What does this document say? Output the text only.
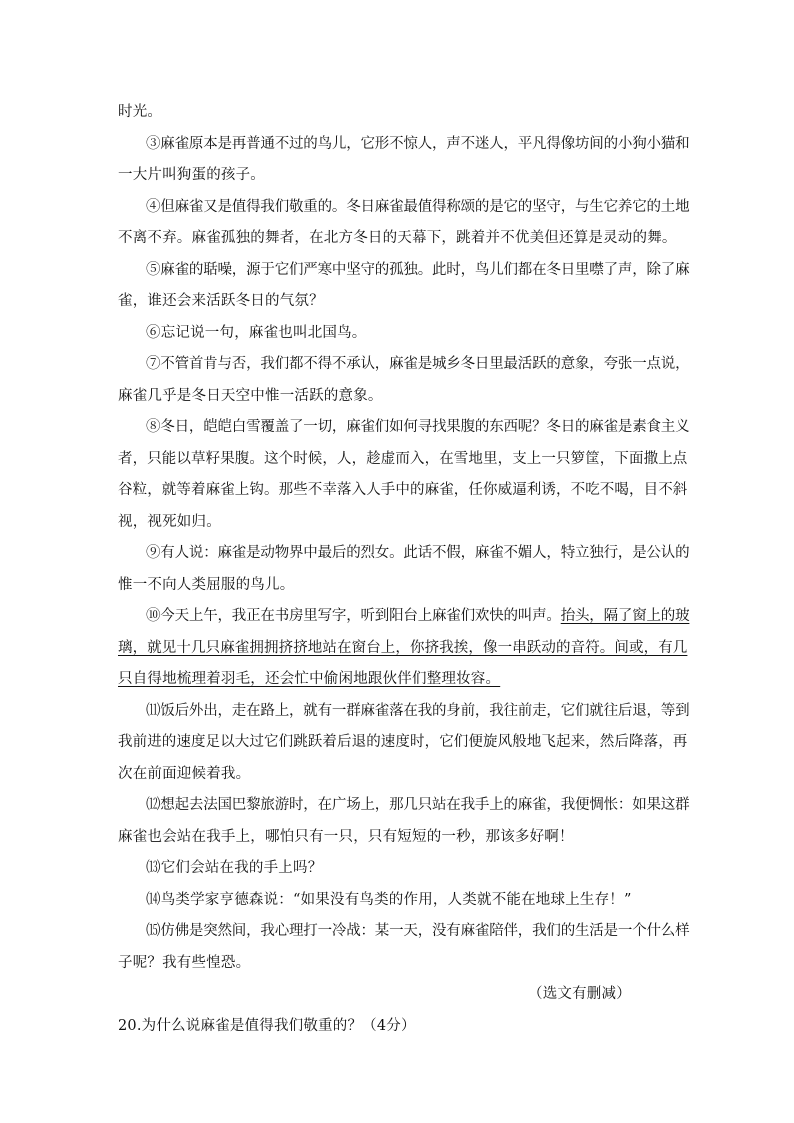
时光。
③麻雀原本是再普通不过的鸟儿，它形不惊人，声不迷人，平凡得像坊间的小狗小猫和
一大片叫狗蛋的孩子。
④但麻雀又是值得我们敬重的。冬日麻雀最值得称颂的是它的坚守，与生它养它的土地
不离不弃。麻雀孤独的舞者，在北方冬日的天幕下，跳着并不优美但还算是灵动的舞。
⑤麻雀的聒噪，源于它们严寒中坚守的孤独。此时，鸟儿们都在冬日里噤了声，除了麻
雀，谁还会来活跃冬日的气氛？
⑥忘记说一句，麻雀也叫北国鸟。
⑦不管首肯与否，我们都不得不承认，麻雀是城乡冬日里最活跃的意象，夸张一点说，
麻雀几乎是冬日天空中惟一活跃的意象。
⑧冬日，皑皑白雪覆盖了一切，麻雀们如何寻找果腹的东西呢？冬日的麻雀是素食主义
者，只能以草籽果腹。这个时候，人，趁虚而入，在雪地里，支上一只箩筐，下面撒上点
谷粒，就等着麻雀上钩。那些不幸落入人手中的麻雀，任你威逼利诱，不吃不喝，目不斜
视，视死如归。
⑨有人说：麻雀是动物界中最后的烈女。此话不假，麻雀不媚人，特立独行，是公认的
惟一不向人类屈服的鸟儿。
⑩今天上午，我正在书房里写字，听到阳台上麻雀们欢快的叫声。抬头，隔了窗上的玻
璃，就见十几只麻雀拥拥挤挤地站在窗台上，你挤我挨，像一串跃动的音符。间或，有几
只自得地梳理着羽毛，还会忙中偷闲地跟伙伴们整理妆容。
⑾饭后外出，走在路上，就有一群麻雀落在我的身前，我往前走，它们就往后退，等到
我前进的速度足以大过它们跳跃着后退的速度时，它们便旋风般地飞起来，然后降落，再
次在前面迎候着我。
⑿想起去法国巴黎旅游时，在广场上，那几只站在我手上的麻雀，我便惆怅：如果这群
麻雀也会站在我手上，哪怕只有一只，只有短短的一秒，那该多好啊！
⒀它们会站在我的手上吗？
⒁鸟类学家亨德森说：“如果没有鸟类的作用，人类就不能在地球上生存！”
⒂仿佛是突然间，我心理打一冷战：某一天，没有麻雀陪伴，我们的生活是一个什么样
子呢？我有些惶恐。
（选文有删减）
20.为什么说麻雀是值得我们敬重的？（4分）
